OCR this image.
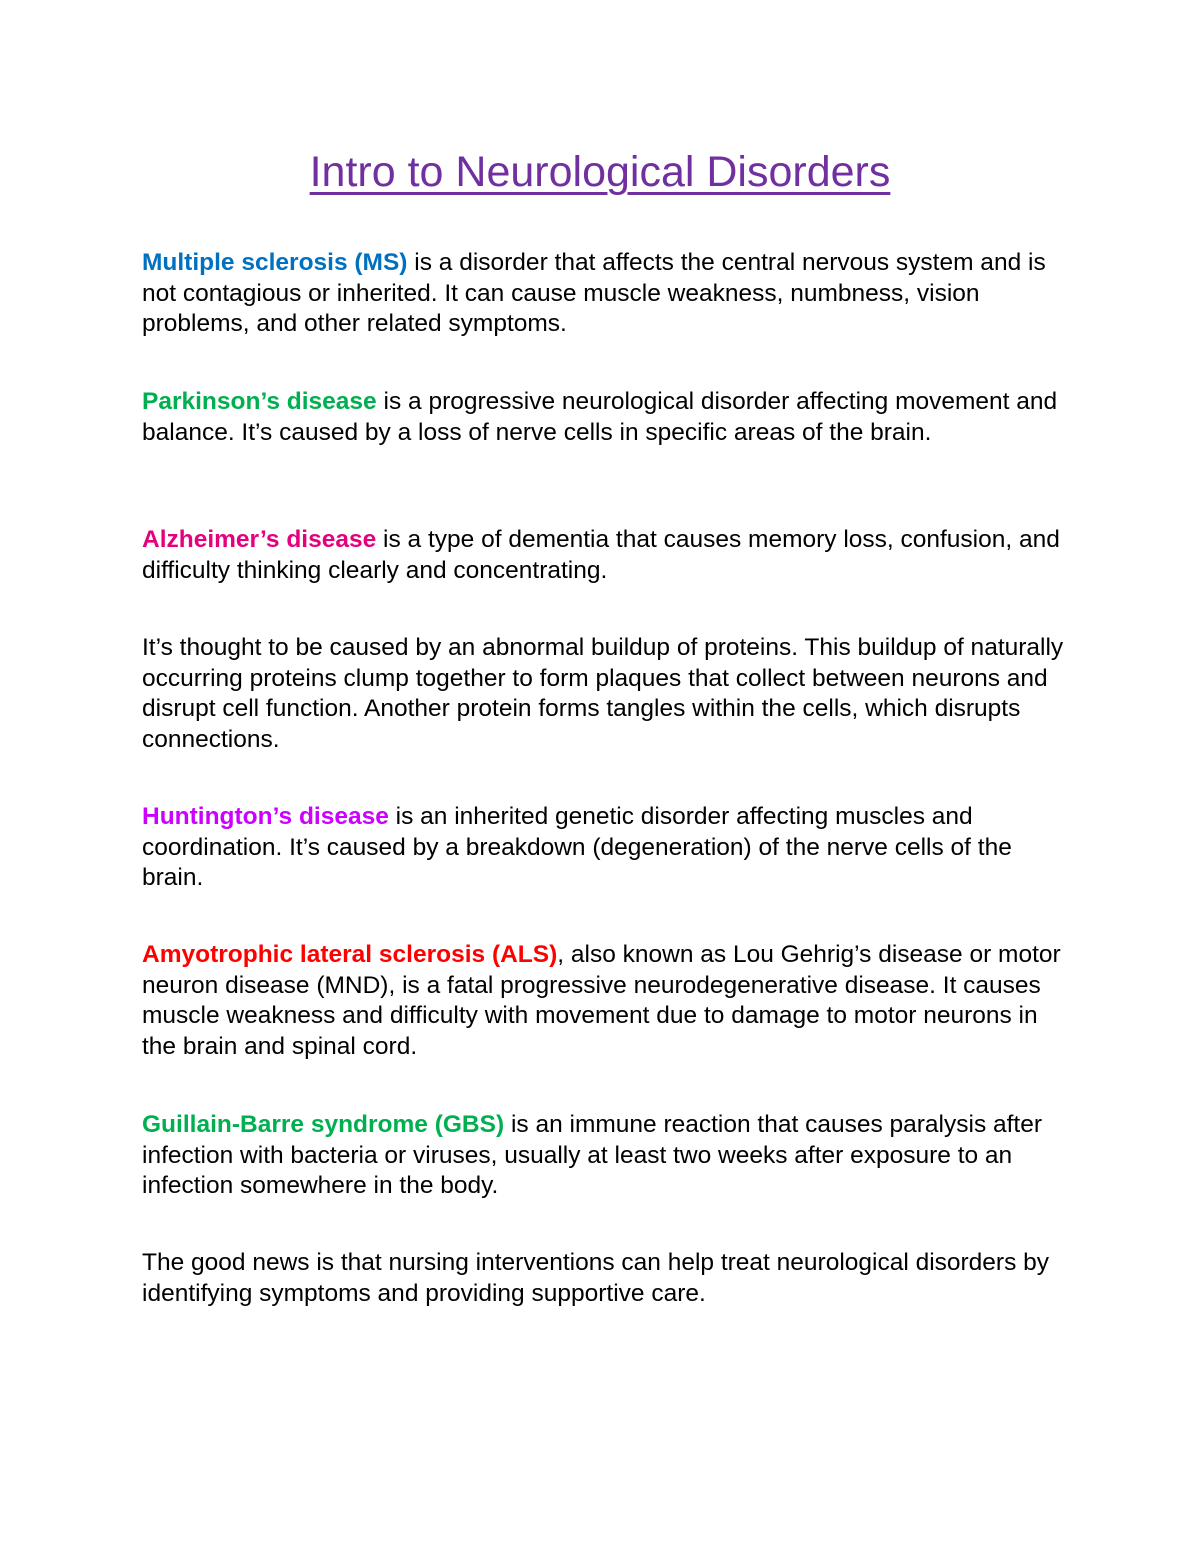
Intro to Neurological Disorders

Multiple sclerosis (MS) is a disorder that affects the central nervous system and is not contagious or inherited. It can cause muscle weakness, numbness, vision problems, and other related symptoms.

Parkinson’s disease is a progressive neurological disorder affecting movement and balance. It’s caused by a loss of nerve cells in specific areas of the brain.

Alzheimer’s disease is a type of dementia that causes memory loss, confusion, and difficulty thinking clearly and concentrating.

It’s thought to be caused by an abnormal buildup of proteins. This buildup of naturally occurring proteins clump together to form plaques that collect between neurons and disrupt cell function. Another protein forms tangles within the cells, which disrupts connections.

Huntington’s disease is an inherited genetic disorder affecting muscles and coordination. It’s caused by a breakdown (degeneration) of the nerve cells of the brain.

Amyotrophic lateral sclerosis (ALS), also known as Lou Gehrig’s disease or motor neuron disease (MND), is a fatal progressive neurodegenerative disease. It causes muscle weakness and difficulty with movement due to damage to motor neurons in the brain and spinal cord.

Guillain-Barre syndrome (GBS) is an immune reaction that causes paralysis after infection with bacteria or viruses, usually at least two weeks after exposure to an infection somewhere in the body.

The good news is that nursing interventions can help treat neurological disorders by identifying symptoms and providing supportive care.
